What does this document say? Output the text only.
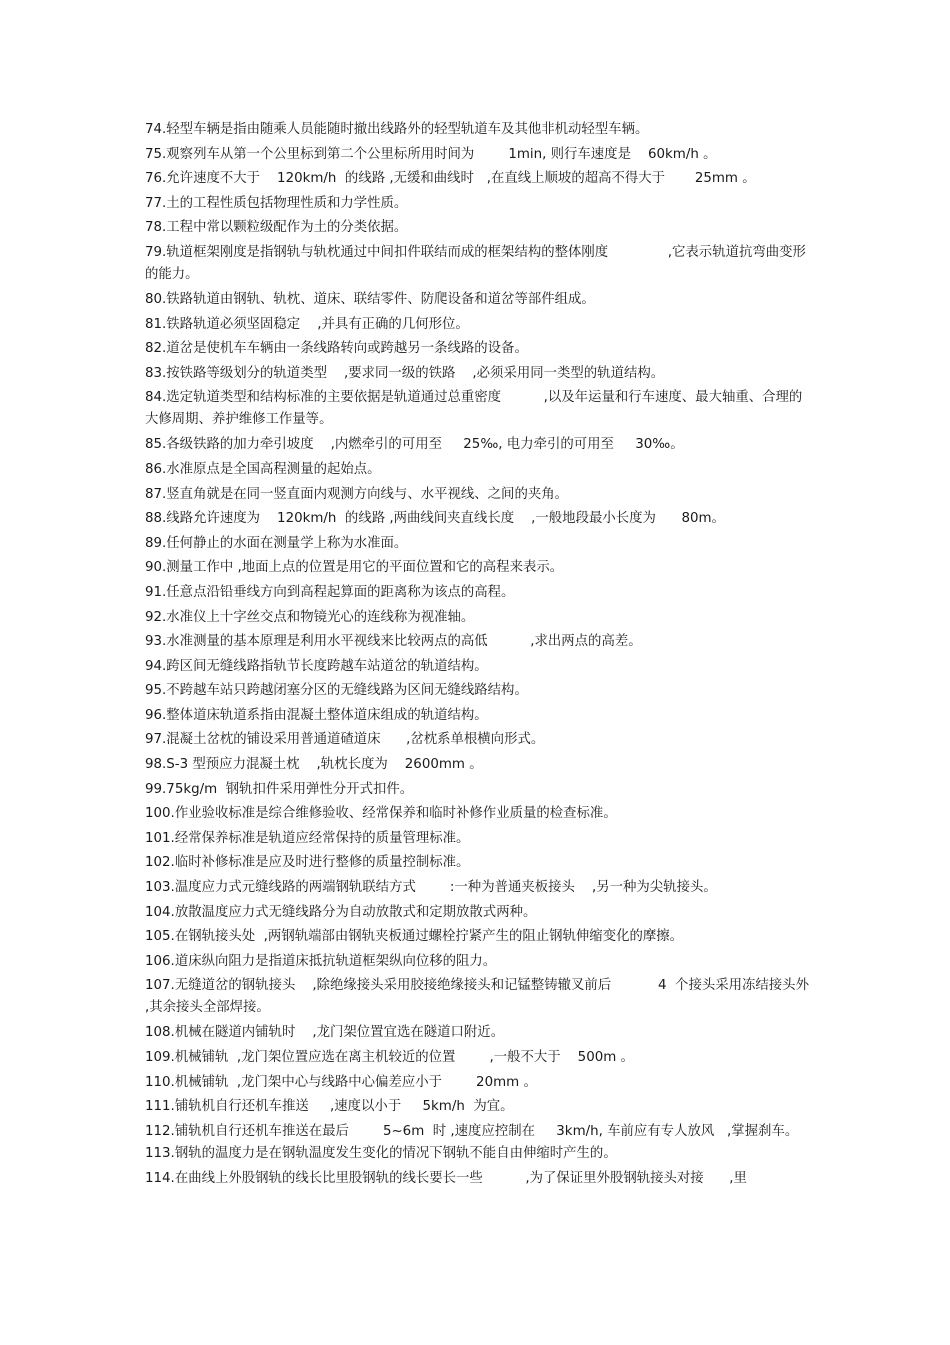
74.轻型车辆是指由随乘人员能随时撤出线路外的轻型轨道车及其他非机动轻型车辆。

75.观察列车从第一个公里标到第二个公里标所用时间为        1min, 则行车速度是    60km/h 。

76.允许速度不大于    120km/h  的线路 ,无缓和曲线时   ,在直线上顺坡的超高不得大于       25mm 。

77.土的工程性质包括物理性质和力学性质。

78.工程中常以颗粒级配作为土的分类依据。

79.轨道框架刚度是指钢轨与轨枕通过中间扣件联结而成的框架结构的整体刚度              ,它表示轨道抗弯曲变形的能力。

80.铁路轨道由钢轨、轨枕、道床、联结零件、防爬设备和道岔等部件组成。

81.铁路轨道必须坚固稳定    ,并具有正确的几何形位。

82.道岔是使机车车辆由一条线路转向或跨越另一条线路的设备。

83.按铁路等级划分的轨道类型    ,要求同一级的铁路    ,必须采用同一类型的轨道结构。

84.选定轨道类型和结构标准的主要依据是轨道通过总重密度          ,以及年运量和行车速度、最大轴重、合理的大修周期、养护维修工作量等。

85.各级铁路的加力牵引坡度    ,内燃牵引的可用至     25‰, 电力牵引的可用至     30‰。

86.水准原点是全国高程测量的起始点。

87.竖直角就是在同一竖直面内观测方向线与、水平视线、之间的夹角。

88.线路允许速度为    120km/h  的线路 ,两曲线间夹直线长度    ,一般地段最小长度为      80m。

89.任何静止的水面在测量学上称为水准面。

90.测量工作中 ,地面上点的位置是用它的平面位置和它的高程来表示。

91.任意点沿铅垂线方向到高程起算面的距离称为该点的高程。

92.水准仪上十字丝交点和物镜光心的连线称为视准轴。

93.水准测量的基本原理是利用水平视线来比较两点的高低          ,求出两点的高差。

94.跨区间无缝线路指轨节长度跨越车站道岔的轨道结构。

95.不跨越车站只跨越闭塞分区的无缝线路为区间无缝线路结构。

96.整体道床轨道系指由混凝土整体道床组成的轨道结构。

97.混凝土岔枕的铺设采用普通道碴道床      ,岔枕系单根横向形式。

98.S-3 型预应力混凝土枕    ,轨枕长度为    2600mm 。

99.75kg/m  钢轨扣件采用弹性分开式扣件。

100.作业验收标准是综合维修验收、经常保养和临时补修作业质量的检查标准。

101.经常保养标准是轨道应经常保持的质量管理标准。

102.临时补修标准是应及时进行整修的质量控制标准。

103.温度应力式元缝线路的两端钢轨联结方式        :一种为普通夹板接头    ,另一种为尖轨接头。

104.放散温度应力式无缝线路分为自动放散式和定期放散式两种。

105.在钢轨接头处  ,两钢轨端部由钢轨夹板通过螺栓拧紧产生的阻止钢轨伸缩变化的摩擦。

106.道床纵向阻力是指道床抵抗轨道框架纵向位移的阻力。

107.无缝道岔的钢轨接头    ,除绝缘接头采用胶接绝缘接头和记锰整铸辙叉前后           4  个接头采用冻结接头外 ,其余接头全部焊接。

108.机械在隧道内铺轨时    ,龙门架位置宜选在隧道口附近。

109.机械铺轨  ,龙门架位置应选在离主机较近的位置        ,一般不大于    500m 。

110.机械铺轨  ,龙门架中心与线路中心偏差应小于        20mm 。

111.铺轨机自行还机车推送     ,速度以小于     5km/h  为宜。

112.铺轨机自行还机车推送在最后        5~6m  时 ,速度应控制在     3km/h, 车前应有专人放风   ,掌握刹车。 113.钢轨的温度力是在钢轨温度发生变化的情况下钢轨不能自由伸缩时产生的。

114.在曲线上外股钢轨的线长比里股钢轨的线长要长一些          ,为了保证里外股钢轨接头对接      ,里
